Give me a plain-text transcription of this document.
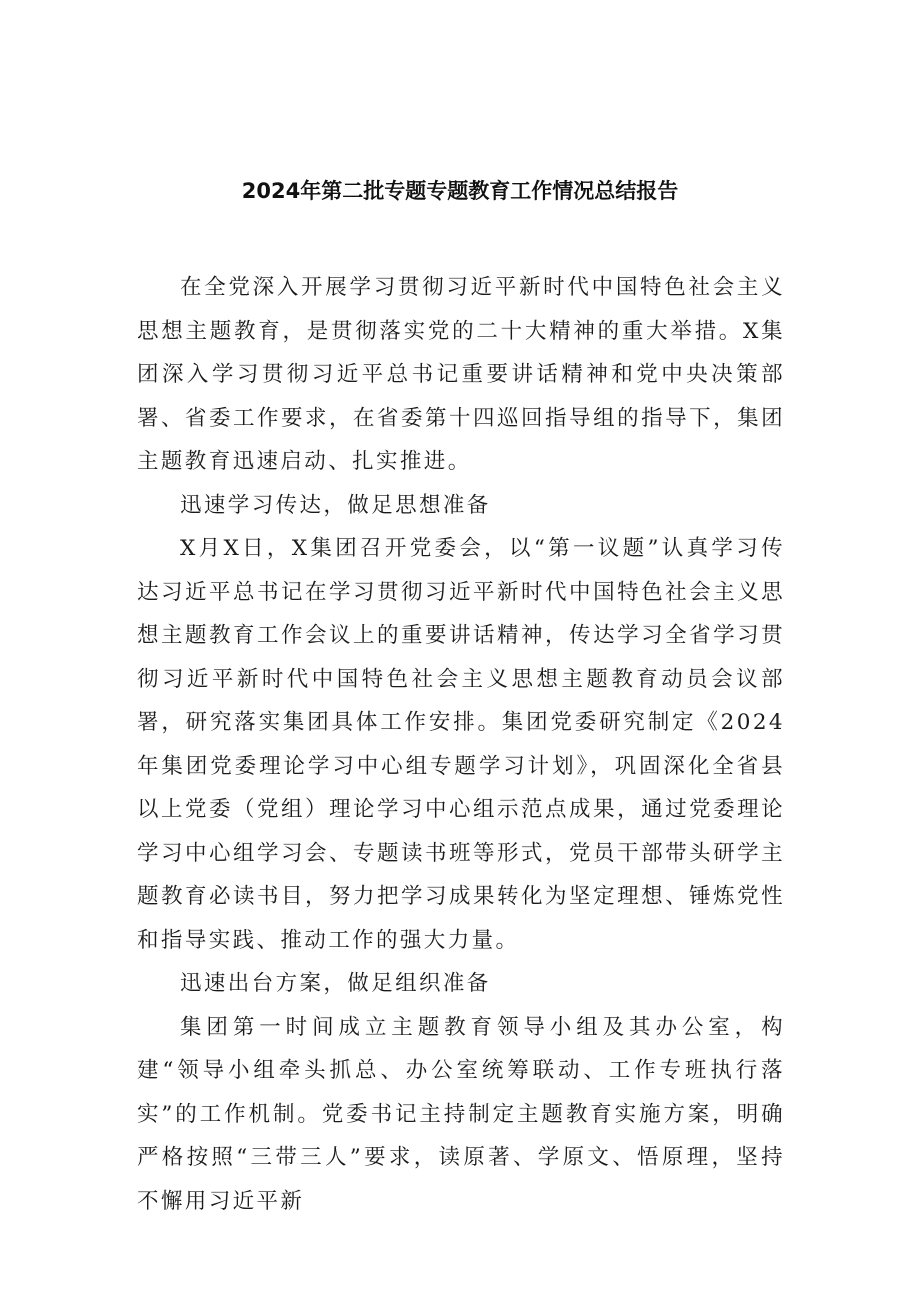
2024年第二批专题专题教育工作情况总结报告

在全党深入开展学习贯彻习近平新时代中国特色社会主义思想主题教育，是贯彻落实党的二十大精神的重大举措。X集团深入学习贯彻习近平总书记重要讲话精神和党中央决策部署、省委工作要求，在省委第十四巡回指导组的指导下，集团主题教育迅速启动、扎实推进。

迅速学习传达，做足思想准备

X月X日，X集团召开党委会，以“第一议题”认真学习传达习近平总书记在学习贯彻习近平新时代中国特色社会主义思想主题教育工作会议上的重要讲话精神，传达学习全省学习贯彻习近平新时代中国特色社会主义思想主题教育动员会议部署，研究落实集团具体工作安排。集团党委研究制定《2024年集团党委理论学习中心组专题学习计划》，巩固深化全省县以上党委（党组）理论学习中心组示范点成果，通过党委理论学习中心组学习会、专题读书班等形式，党员干部带头研学主题教育必读书目，努力把学习成果转化为坚定理想、锤炼党性和指导实践、推动工作的强大力量。

迅速出台方案，做足组织准备

集团第一时间成立主题教育领导小组及其办公室，构建“领导小组牵头抓总、办公室统筹联动、工作专班执行落实”的工作机制。党委书记主持制定主题教育实施方案，明确严格按照“三带三人”要求，读原著、学原文、悟原理，坚持不懈用习近平新
